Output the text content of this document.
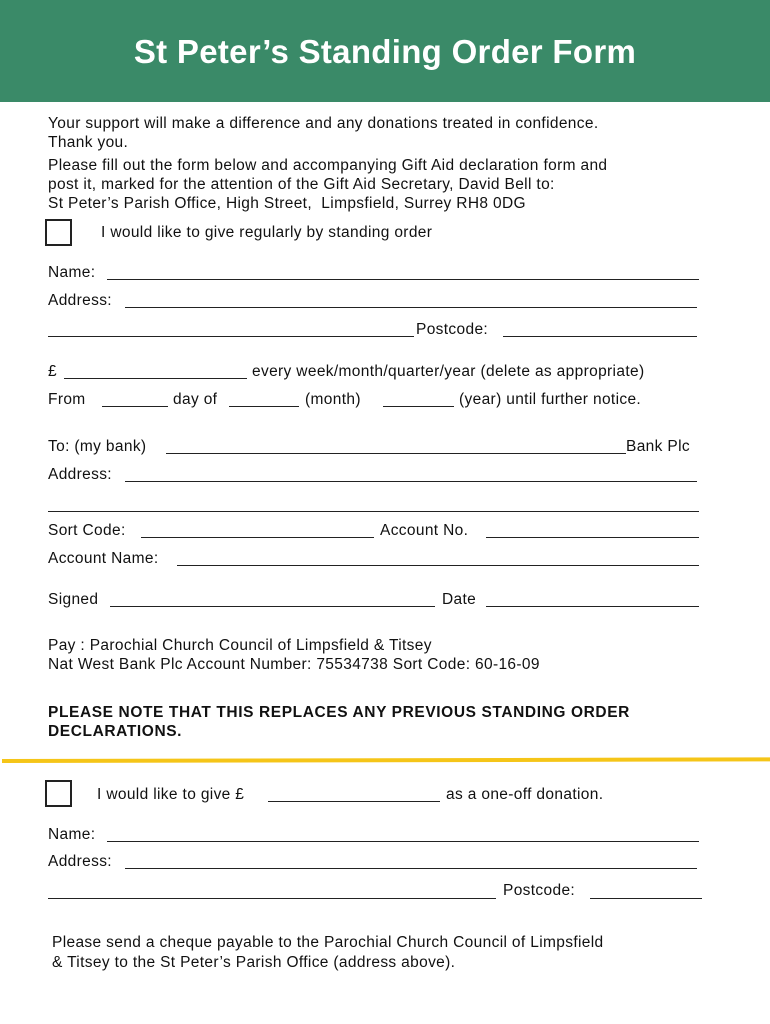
St Peter’s Standing Order Form
Your support will make a difference and any donations treated in confidence.
Thank you.
Please fill out the form below and accompanying Gift Aid declaration form and
post it, marked for the attention of the Gift Aid Secretary, David Bell to:
St Peter’s Parish Office, High Street,  Limpsfield, Surrey RH8 0DG
I would like to give regularly by standing order
Name:
Address:
Postcode:
£	every week/month/quarter/year (delete as appropriate)
From	day of	(month)	(year) until further notice.
To: (my bank)	Bank Plc
Address:
Sort Code:	Account No.
Account Name:
Signed	Date
Pay : Parochial Church Council of Limpsfield & Titsey
Nat West Bank Plc Account Number: 75534738 Sort Code: 60-16-09
PLEASE NOTE THAT THIS REPLACES ANY PREVIOUS STANDING ORDER
DECLARATIONS.
I would like to give £	as a one-off donation.
Name:
Address:
Postcode:
Please send a cheque payable to the Parochial Church Council of Limpsfield
& Titsey to the St Peter’s Parish Office (address above).
